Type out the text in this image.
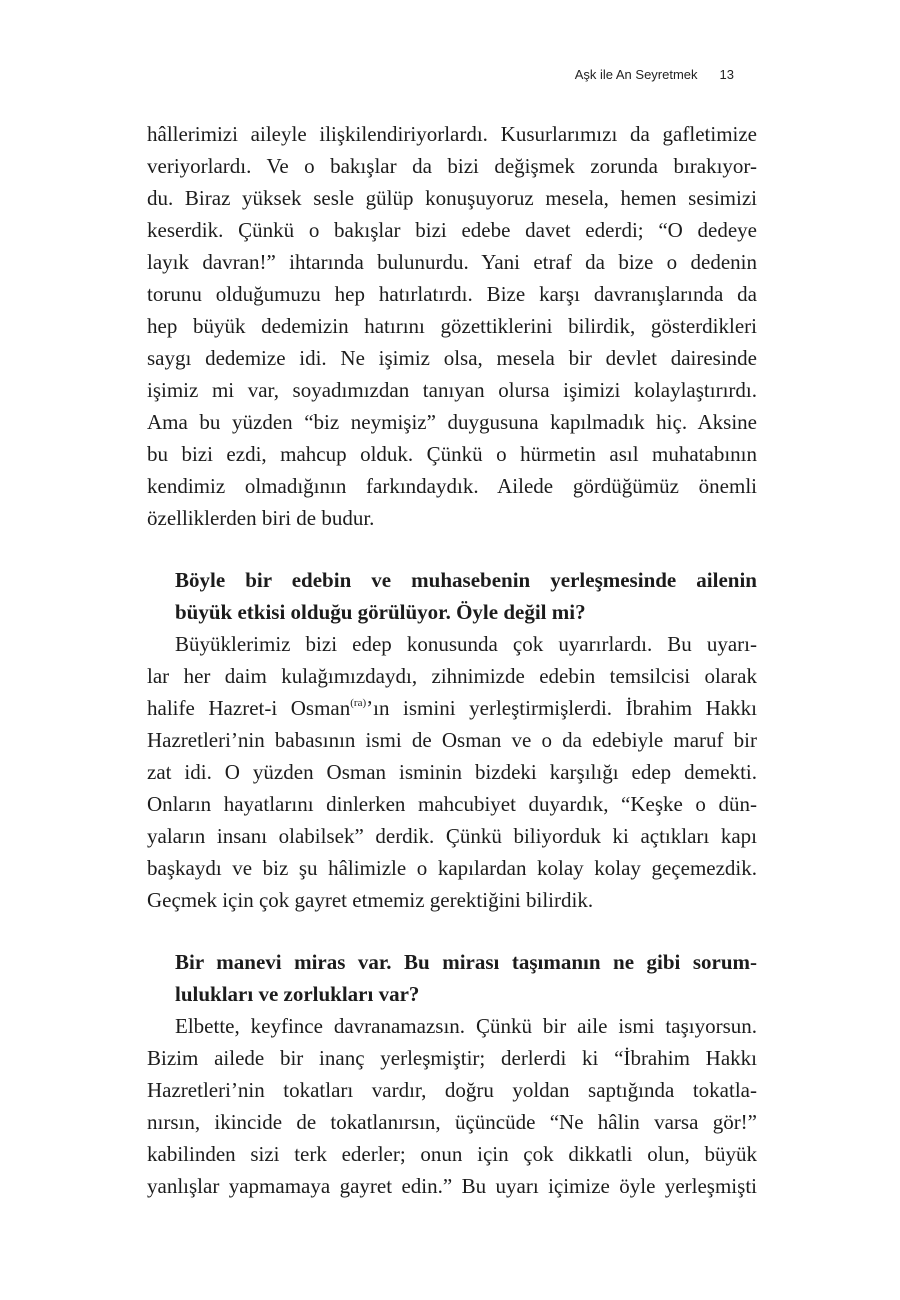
Aşk ile An Seyretmek 13

hâllerimizi aileyle ilişkilendiriyorlardı. Kusurlarımızı da gafletimize

veriyorlardı. Ve o bakışlar da bizi değişmek zorunda bırakıyor-

du. Biraz yüksek sesle gülüp konuşuyoruz mesela, hemen sesimizi

keserdik. Çünkü o bakışlar bizi edebe davet ederdi; “O dedeye

layık davran!” ihtarında bulunurdu. Yani etraf da bize o dedenin

torunu olduğumuzu hep hatırlatırdı. Bize karşı davranışlarında da

hep büyük dedemizin hatırını gözettiklerini bilirdik, gösterdikleri

saygı dedemize idi. Ne işimiz olsa, mesela bir devlet dairesinde

işimiz mi var, soyadımızdan tanıyan olursa işimizi kolaylaştırırdı.

Ama bu yüzden “biz neymişiz” duygusuna kapılmadık hiç. Aksine

bu bizi ezdi, mahcup olduk. Çünkü o hürmetin asıl muhatabının

kendimiz olmadığının farkındaydık. Ailede gördüğümüz önemli

özelliklerden biri de budur.

Böyle bir edebin ve muhasebenin yerleşmesinde ailenin

büyük etkisi olduğu görülüyor. Öyle değil mi?

Büyüklerimiz bizi edep konusunda çok uyarırlardı. Bu uyarı-

lar her daim kulağımızdaydı, zihnimizde edebin temsilcisi olarak

halife Hazret-i Osman$^{(ra)}$’ın ismini yerleştirmişlerdi. İbrahim Hakkı

Hazretleri’nin babasının ismi de Osman ve o da edebiyle maruf bir

zat idi. O yüzden Osman isminin bizdeki karşılığı edep demekti.

Onların hayatlarını dinlerken mahcubiyet duyardık, “Keşke o dün-

yaların insanı olabilsek” derdik. Çünkü biliyorduk ki açtıkları kapı

başkaydı ve biz şu hâlimizle o kapılardan kolay kolay geçemezdik.

Geçmek için çok gayret etmemiz gerektiğini bilirdik.

Bir manevi miras var. Bu mirası taşımanın ne gibi sorum-

lulukları ve zorlukları var?

Elbette, keyfince davranamazsın. Çünkü bir aile ismi taşıyorsun.

Bizim ailede bir inanç yerleşmiştir; derlerdi ki “İbrahim Hakkı

Hazretleri’nin tokatları vardır, doğru yoldan saptığında tokatla-

nırsın, ikincide de tokatlanırsın, üçüncüde “Ne hâlin varsa gör!”

kabilinden sizi terk ederler; onun için çok dikkatli olun, büyük

yanlışlar yapmamaya gayret edin.” Bu uyarı içimize öyle yerleşmişti
